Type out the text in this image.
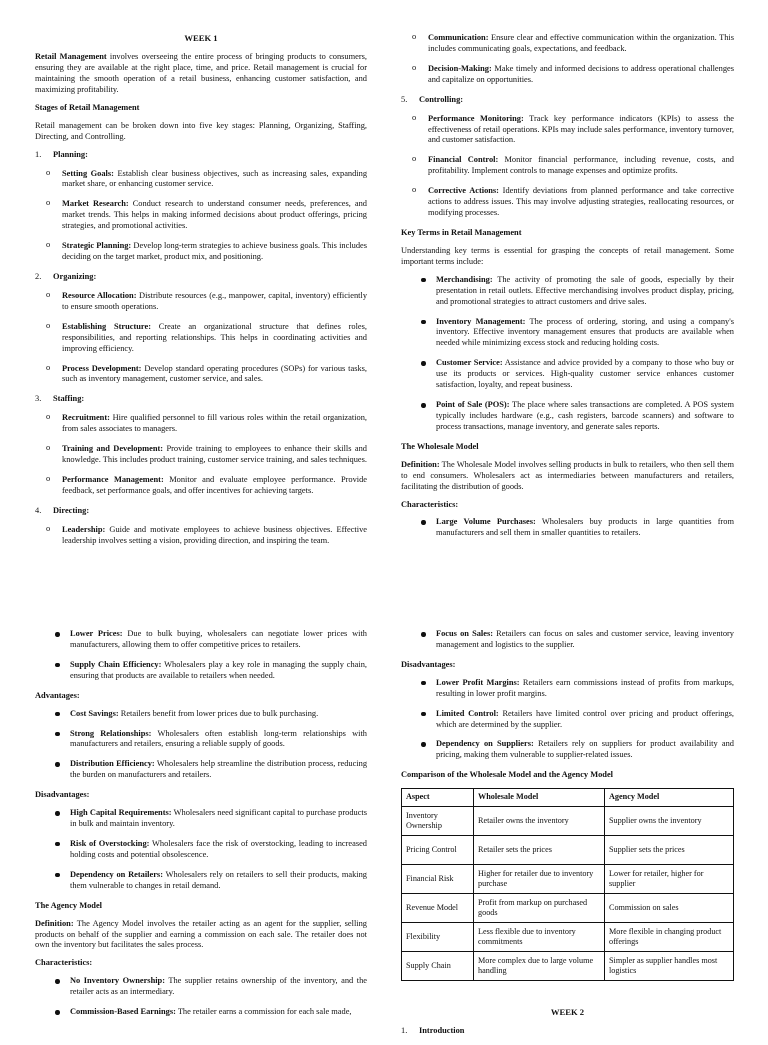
WEEK 1
Retail Management involves overseeing the entire process of bringing products to consumers, ensuring they are available at the right place, time, and price. Retail management is crucial for maintaining the smooth operation of a retail business, enhancing customer satisfaction, and maximizing profitability.
Stages of Retail Management
Retail management can be broken down into five key stages: Planning, Organizing, Staffing, Directing, and Controlling.
1. Planning:
o Setting Goals: Establish clear business objectives, such as increasing sales, expanding market share, or enhancing customer service.
o Market Research: Conduct research to understand consumer needs, preferences, and market trends. This helps in making informed decisions about product offerings, pricing strategies, and promotional activities.
o Strategic Planning: Develop long-term strategies to achieve business goals. This includes deciding on the target market, product mix, and positioning.
2. Organizing:
o Resource Allocation: Distribute resources (e.g., manpower, capital, inventory) efficiently to ensure smooth operations.
o Establishing Structure: Create an organizational structure that defines roles, responsibilities, and reporting relationships. This helps in coordinating activities and improving efficiency.
o Process Development: Develop standard operating procedures (SOPs) for various tasks, such as inventory management, customer service, and sales.
3. Staffing:
o Recruitment: Hire qualified personnel to fill various roles within the retail organization, from sales associates to managers.
o Training and Development: Provide training to employees to enhance their skills and knowledge. This includes product training, customer service training, and sales techniques.
o Performance Management: Monitor and evaluate employee performance. Provide feedback, set performance goals, and offer incentives for achieving targets.
4. Directing:
o Leadership: Guide and motivate employees to achieve business objectives. Effective leadership involves setting a vision, providing direction, and inspiring the team.
o Communication: Ensure clear and effective communication within the organization. This includes communicating goals, expectations, and feedback.
o Decision-Making: Make timely and informed decisions to address operational challenges and capitalize on opportunities.
5. Controlling:
o Performance Monitoring: Track key performance indicators (KPIs) to assess the effectiveness of retail operations. KPIs may include sales performance, inventory turnover, and customer satisfaction.
o Financial Control: Monitor financial performance, including revenue, costs, and profitability. Implement controls to manage expenses and optimize profits.
o Corrective Actions: Identify deviations from planned performance and take corrective actions to address issues. This may involve adjusting strategies, reallocating resources, or modifying processes.
Key Terms in Retail Management
Understanding key terms is essential for grasping the concepts of retail management. Some important terms include:
Merchandising: The activity of promoting the sale of goods, especially by their presentation in retail outlets. Effective merchandising involves product display, pricing, and promotional strategies to attract customers and drive sales.
Inventory Management: The process of ordering, storing, and using a company's inventory. Effective inventory management ensures that products are available when needed while minimizing excess stock and reducing holding costs.
Customer Service: Assistance and advice provided by a company to those who buy or use its products or services. High-quality customer service enhances customer satisfaction, loyalty, and repeat business.
Point of Sale (POS): The place where sales transactions are completed. A POS system typically includes hardware (e.g., cash registers, barcode scanners) and software to process transactions, manage inventory, and generate sales reports.
The Wholesale Model
Definition: The Wholesale Model involves selling products in bulk to retailers, who then sell them to end consumers. Wholesalers act as intermediaries between manufacturers and retailers, facilitating the distribution of goods.
Characteristics:
Large Volume Purchases: Wholesalers buy products in large quantities from manufacturers and sell them in smaller quantities to retailers.
Lower Prices: Due to bulk buying, wholesalers can negotiate lower prices with manufacturers, allowing them to offer competitive prices to retailers.
Supply Chain Efficiency: Wholesalers play a key role in managing the supply chain, ensuring that products are available to retailers when needed.
Advantages:
Cost Savings: Retailers benefit from lower prices due to bulk purchasing.
Strong Relationships: Wholesalers often establish long-term relationships with manufacturers and retailers, ensuring a reliable supply of goods.
Distribution Efficiency: Wholesalers help streamline the distribution process, reducing the burden on manufacturers and retailers.
Disadvantages:
High Capital Requirements: Wholesalers need significant capital to purchase products in bulk and maintain inventory.
Risk of Overstocking: Wholesalers face the risk of overstocking, leading to increased holding costs and potential obsolescence.
Dependency on Retailers: Wholesalers rely on retailers to sell their products, making them vulnerable to changes in retail demand.
The Agency Model
Definition: The Agency Model involves the retailer acting as an agent for the supplier, selling products on behalf of the supplier and earning a commission on each sale. The retailer does not own the inventory but facilitates the sales process.
Characteristics:
No Inventory Ownership: The supplier retains ownership of the inventory, and the retailer acts as an intermediary.
Commission-Based Earnings: The retailer earns a commission for each sale made,
Focus on Sales: Retailers can focus on sales and customer service, leaving inventory management and logistics to the supplier.
Disadvantages:
Lower Profit Margins: Retailers earn commissions instead of profits from markups, resulting in lower profit margins.
Limited Control: Retailers have limited control over pricing and product offerings, which are determined by the supplier.
Dependency on Suppliers: Retailers rely on suppliers for product availability and pricing, making them vulnerable to supplier-related issues.
Comparison of the Wholesale Model and the Agency Model
Aspect	Wholesale Model	Agency Model
Inventory Ownership	Retailer owns the inventory	Supplier owns the inventory
Pricing Control	Retailer sets the prices	Supplier sets the prices
Financial Risk	Higher for retailer due to inventory purchase	Lower for retailer, higher for supplier
Revenue Model	Profit from markup on purchased goods	Commission on sales
Flexibility	Less flexible due to inventory commitments	More flexible in changing product offerings
Supply Chain	More complex due to large volume handling	Simpler as supplier handles most logistics
WEEK 2
1. Introduction
